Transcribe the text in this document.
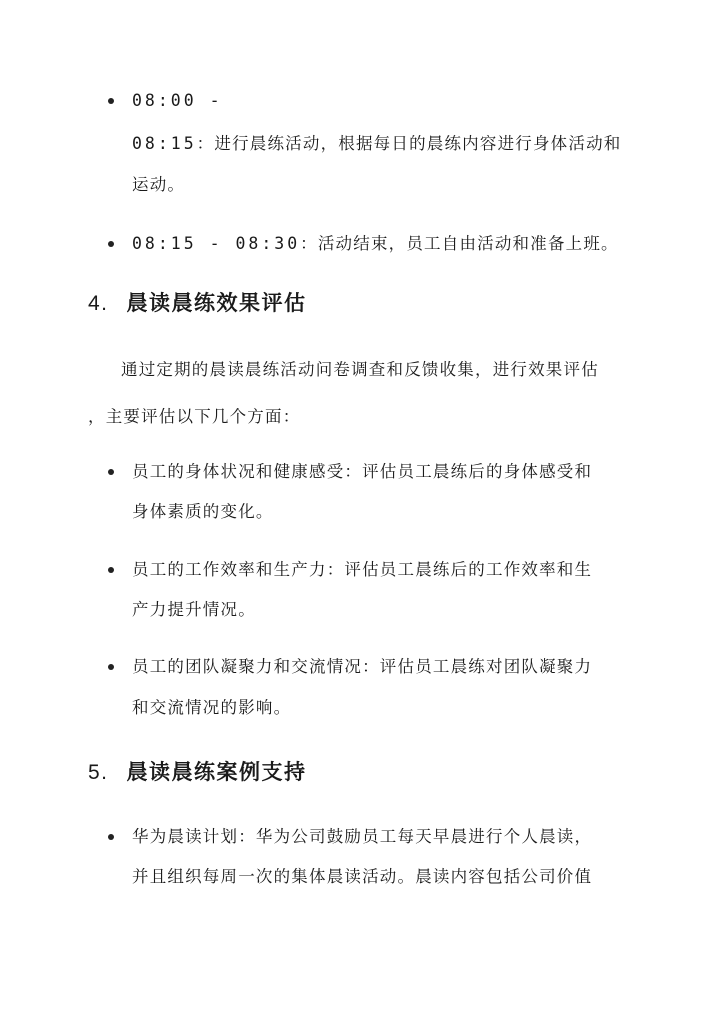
08:00 -
08:15：进行晨练活动，根据每日的晨练内容进行身体活动和
运动。
08:15 - 08:30：活动结束，员工自由活动和准备上班。
4. 晨读晨练效果评估
通过定期的晨读晨练活动问卷调查和反馈收集，进行效果评估
，主要评估以下几个方面：
员工的身体状况和健康感受：评估员工晨练后的身体感受和
身体素质的变化。
员工的工作效率和生产力：评估员工晨练后的工作效率和生
产力提升情况。
员工的团队凝聚力和交流情况：评估员工晨练对团队凝聚力
和交流情况的影响。
5. 晨读晨练案例支持
华为晨读计划：华为公司鼓励员工每天早晨进行个人晨读，
并且组织每周一次的集体晨读活动。晨读内容包括公司价值
